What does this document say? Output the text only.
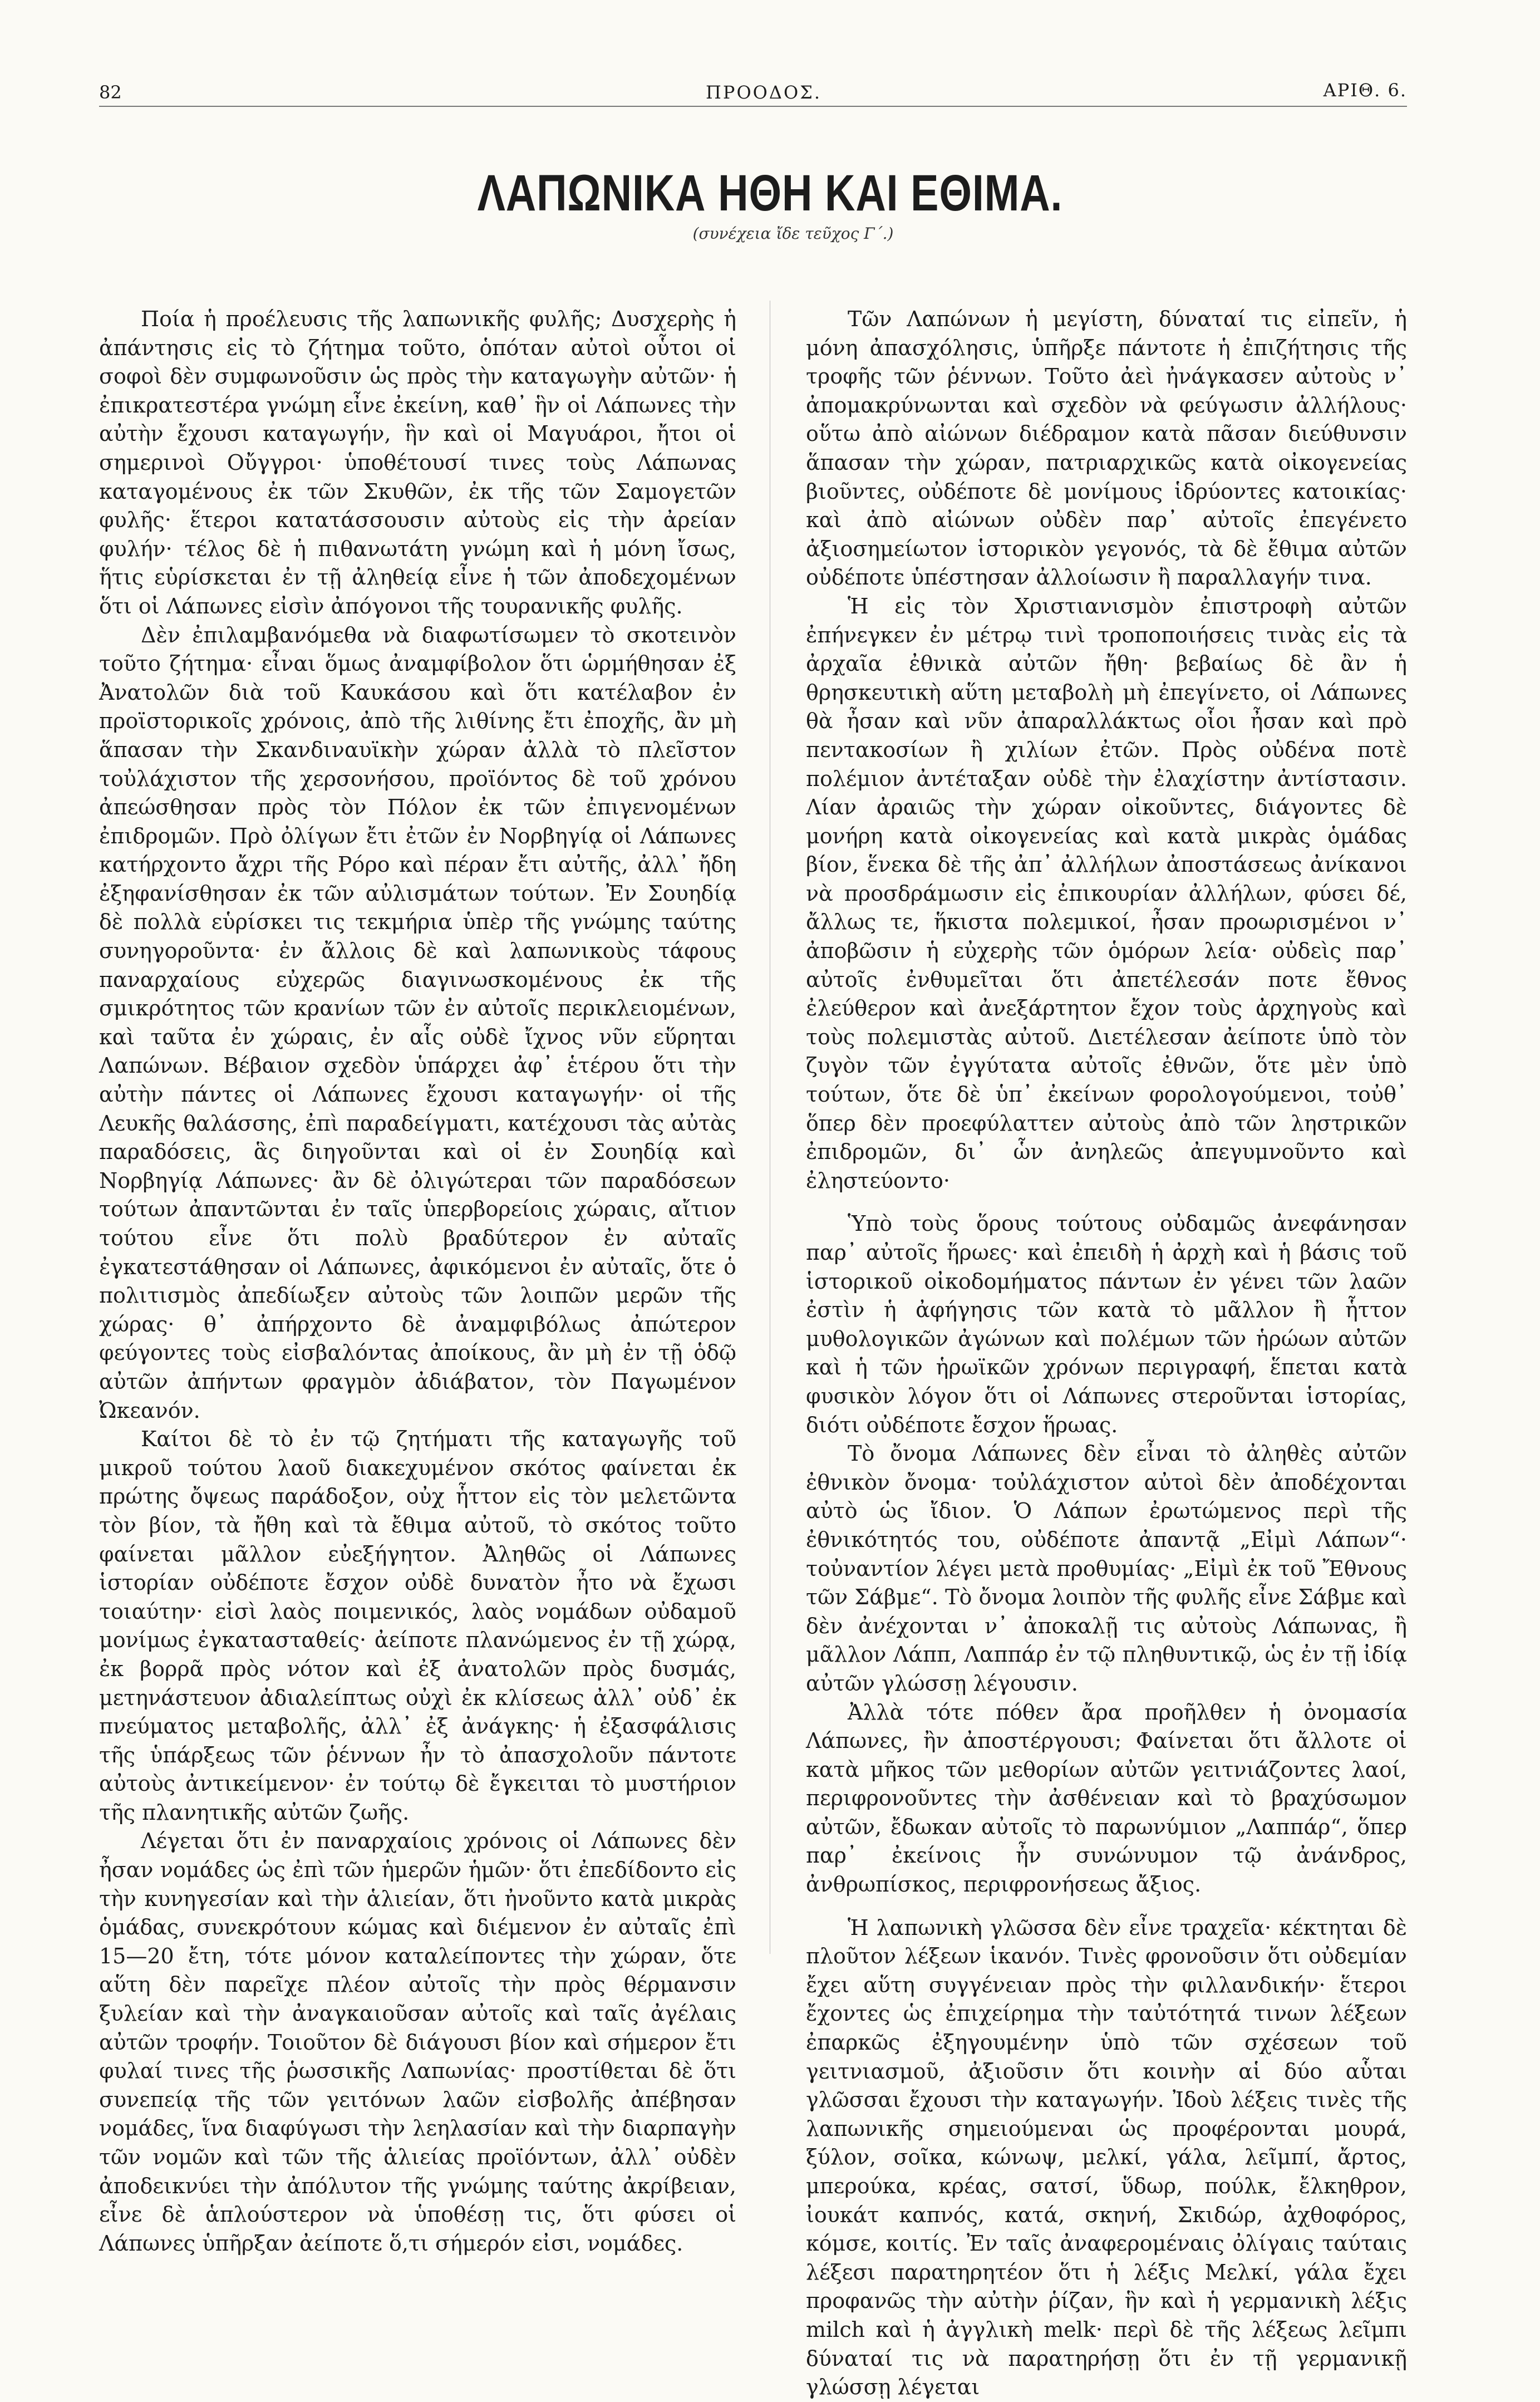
82	ΠΡΟΟΔΟΣ.	ΑΡΙΘ. 6.
ΛΑΠΩΝΙΚΑ ΗΘΗ ΚΑΙ ΕΘΙΜΑ.
(συνέχεια ἴδε τεῦχος Γ΄.)

Ποία ἡ προέλευσις τῆς λαπωνικῆς φυλῆς; Δυσχερὴς ἡ ἀπάντησις εἰς τὸ ζήτημα τοῦτο, ὁπόταν αὐτοὶ οὗτοι οἱ σοφοὶ δὲν συμφωνοῦσιν ὡς πρὸς τὴν καταγωγὴν αὐτῶν· ἡ ἐπικρατεστέρα γνώμη εἶνε ἐκείνη, καθ᾽ ἣν οἱ Λάπωνες τὴν αὐτὴν ἔχουσι καταγωγήν, ἣν καὶ οἱ Μαγυάροι, ἤτοι οἱ σημερινοὶ Οὔγγροι· ὑποθέτουσί τινες τοὺς Λάπωνας καταγομένους ἐκ τῶν Σκυθῶν, ἐκ τῆς τῶν Σαμογετῶν φυλῆς· ἕτεροι κατατάσσουσιν αὐτοὺς εἰς τὴν ἀρείαν φυλήν· τέλος δὲ ἡ πιθανωτάτη γνώμη καὶ ἡ μόνη ἴσως, ἥτις εὑρίσκεται ἐν τῇ ἀληθείᾳ εἶνε ἡ τῶν ἀποδεχομένων ὅτι οἱ Λάπωνες εἰσὶν ἀπόγονοι τῆς τουρανικῆς φυλῆς.

Δὲν ἐπιλαμβανόμεθα νὰ διαφωτίσωμεν τὸ σκοτεινὸν τοῦτο ζήτημα· εἶναι ὅμως ἀναμφίβολον ὅτι ὡρμήθησαν ἐξ Ἀνατολῶν διὰ τοῦ Καυκάσου καὶ ὅτι κατέλαβον ἐν προϊστορικοῖς χρόνοις, ἀπὸ τῆς λιθίνης ἔτι ἐποχῆς, ἂν μὴ ἅπασαν τὴν Σκανδιναυϊκὴν χώραν ἀλλὰ τὸ πλεῖστον τοὐλάχιστον τῆς χερσονήσου, προϊόντος δὲ τοῦ χρόνου ἀπεώσθησαν πρὸς τὸν Πόλον ἐκ τῶν ἐπιγενομένων ἐπιδρομῶν. Πρὸ ὀλίγων ἔτι ἐτῶν ἐν Νορβηγίᾳ οἱ Λάπωνες κατήρχοντο ἄχρι τῆς Ρόρο καὶ πέραν ἔτι αὐτῆς, ἀλλ᾽ ἤδη ἐξηφανίσθησαν ἐκ τῶν αὐλισμάτων τούτων. Ἐν Σουηδίᾳ δὲ πολλὰ εὑρίσκει τις τεκμήρια ὑπὲρ τῆς γνώμης ταύτης συνηγοροῦντα· ἐν ἄλλοις δὲ καὶ λαπωνικοὺς τάφους παναρχαίους εὐχερῶς διαγινωσκομένους ἐκ τῆς σμικρότητος τῶν κρανίων τῶν ἐν αὐτοῖς περικλειομένων, καὶ ταῦτα ἐν χώραις, ἐν αἷς οὐδὲ ἴχνος νῦν εὕρηται Λαπώνων. Βέβαιον σχεδὸν ὑπάρχει ἀφ᾽ ἑτέρου ὅτι τὴν αὐτὴν πάντες οἱ Λάπωνες ἔχουσι καταγωγήν· οἱ τῆς Λευκῆς θαλάσσης, ἐπὶ παραδείγματι, κατέχουσι τὰς αὐτὰς παραδόσεις, ἃς διηγοῦνται καὶ οἱ ἐν Σουηδίᾳ καὶ Νορβηγίᾳ Λάπωνες· ἂν δὲ ὀλιγώτεραι τῶν παραδόσεων τούτων ἀπαντῶνται ἐν ταῖς ὑπερβορείοις χώραις, αἴτιον τούτου εἶνε ὅτι πολὺ βραδύτερον ἐν αὐταῖς ἐγκατεστάθησαν οἱ Λάπωνες, ἀφικόμενοι ἐν αὐταῖς, ὅτε ὁ πολιτισμὸς ἀπεδίωξεν αὐτοὺς τῶν λοιπῶν μερῶν τῆς χώρας· θ᾽ ἀπήρχοντο δὲ ἀναμφιβόλως ἀπώτερον φεύγοντες τοὺς εἰσβαλόντας ἀποίκους, ἂν μὴ ἐν τῇ ὁδῷ αὐτῶν ἀπήντων φραγμὸν ἀδιάβατον, τὸν Παγωμένον Ὠκεανόν.

Καίτοι δὲ τὸ ἐν τῷ ζητήματι τῆς καταγωγῆς τοῦ μικροῦ τούτου λαοῦ διακεχυμένον σκότος φαίνεται ἐκ πρώτης ὄψεως παράδοξον, οὐχ ἧττον εἰς τὸν μελετῶντα τὸν βίον, τὰ ἤθη καὶ τὰ ἔθιμα αὐτοῦ, τὸ σκότος τοῦτο φαίνεται μᾶλλον εὐεξήγητον. Ἀληθῶς οἱ Λάπωνες ἱστορίαν οὐδέποτε ἔσχον οὐδὲ δυνατὸν ἦτο νὰ ἔχωσι τοιαύτην· εἰσὶ λαὸς ποιμενικός, λαὸς νομάδων οὐδαμοῦ μονίμως ἐγκατασταθείς· ἀείποτε πλανώμενος ἐν τῇ χώρᾳ, ἐκ βορρᾶ πρὸς νότον καὶ ἐξ ἀνατολῶν πρὸς δυσμάς, μετηνάστευον ἀδιαλείπτως οὐχὶ ἐκ κλίσεως ἀλλ᾽ οὐδ᾽ ἐκ πνεύματος μεταβολῆς, ἀλλ᾽ ἐξ ἀνάγκης· ἡ ἐξασφάλισις τῆς ὑπάρξεως τῶν ῥέννων ἦν τὸ ἀπασχολοῦν πάντοτε αὐτοὺς ἀντικείμενον· ἐν τούτῳ δὲ ἔγκειται τὸ μυστήριον τῆς πλανητικῆς αὐτῶν ζωῆς.

Λέγεται ὅτι ἐν παναρχαίοις χρόνοις οἱ Λάπωνες δὲν ἦσαν νομάδες ὡς ἐπὶ τῶν ἡμερῶν ἡμῶν· ὅτι ἐπεδίδοντο εἰς τὴν κυνηγεσίαν καὶ τὴν ἁλιείαν, ὅτι ἠνοῦντο κατὰ μικρὰς ὁμάδας, συνεκρότουν κώμας καὶ διέμενον ἐν αὐταῖς ἐπὶ 15—20 ἔτη, τότε μόνον καταλείποντες τὴν χώραν, ὅτε αὕτη δὲν παρεῖχε πλέον αὐτοῖς τὴν πρὸς θέρμανσιν ξυλείαν καὶ τὴν ἀναγκαιοῦσαν αὐτοῖς καὶ ταῖς ἀγέλαις αὐτῶν τροφήν. Τοιοῦτον δὲ διάγουσι βίον καὶ σήμερον ἔτι φυλαί τινες τῆς ῥωσσικῆς Λαπωνίας· προστίθεται δὲ ὅτι συνεπείᾳ τῆς τῶν γειτόνων λαῶν εἰσβολῆς ἀπέβησαν νομάδες, ἵνα διαφύγωσι τὴν λεηλασίαν καὶ τὴν διαρπαγὴν τῶν νομῶν καὶ τῶν τῆς ἁλιείας προϊόντων, ἀλλ᾽ οὐδὲν ἀποδεικνύει τὴν ἀπόλυτον τῆς γνώμης ταύτης ἀκρίβειαν, εἶνε δὲ ἁπλούστερον νὰ ὑποθέσῃ τις, ὅτι φύσει οἱ Λάπωνες ὑπῆρξαν ἀείποτε ὅ,τι σήμερόν εἰσι, νομάδες.

Τῶν Λαπώνων ἡ μεγίστη, δύναταί τις εἰπεῖν, ἡ μόνη ἀπασχόλησις, ὑπῆρξε πάντοτε ἡ ἐπιζήτησις τῆς τροφῆς τῶν ῥέννων. Τοῦτο ἀεὶ ἠνάγκασεν αὐτοὺς ν᾽ ἀπομακρύνωνται καὶ σχεδὸν νὰ φεύγωσιν ἀλλήλους· οὕτω ἀπὸ αἰώνων διέδραμον κατὰ πᾶσαν διεύθυνσιν ἅπασαν τὴν χώραν, πατριαρχικῶς κατὰ οἰκογενείας βιοῦντες, οὐδέποτε δὲ μονίμους ἱδρύοντες κατοικίας· καὶ ἀπὸ αἰώνων οὐδὲν παρ᾽ αὐτοῖς ἐπεγένετο ἀξιοσημείωτον ἱστορικὸν γεγονός, τὰ δὲ ἔθιμα αὐτῶν οὐδέποτε ὑπέστησαν ἀλλοίωσιν ἢ παραλλαγήν τινα.

Ἡ εἰς τὸν Χριστιανισμὸν ἐπιστροφὴ αὐτῶν ἐπήνεγκεν ἐν μέτρῳ τινὶ τροποποιήσεις τινὰς εἰς τὰ ἀρχαῖα ἐθνικὰ αὐτῶν ἤθη· βεβαίως δὲ ἂν ἡ θρησκευτικὴ αὕτη μεταβολὴ μὴ ἐπεγίνετο, οἱ Λάπωνες θὰ ἦσαν καὶ νῦν ἀπαραλλάκτως οἷοι ἦσαν καὶ πρὸ πεντακοσίων ἢ χιλίων ἐτῶν. Πρὸς οὐδένα ποτὲ πολέμιον ἀντέταξαν οὐδὲ τὴν ἐλαχίστην ἀντίστασιν. Λίαν ἀραιῶς τὴν χώραν οἰκοῦντες, διάγοντες δὲ μονήρη κατὰ οἰκογενείας καὶ κατὰ μικρὰς ὁμάδας βίον, ἕνεκα δὲ τῆς ἀπ᾽ ἀλλήλων ἀποστάσεως ἀνίκανοι νὰ προσδράμωσιν εἰς ἐπικουρίαν ἀλλήλων, φύσει δέ, ἄλλως τε, ἥκιστα πολεμικοί, ἦσαν προωρισμένοι ν᾽ ἀποβῶσιν ἡ εὐχερὴς τῶν ὁμόρων λεία· οὐδεὶς παρ᾽ αὐτοῖς ἐνθυμεῖται ὅτι ἀπετέλεσάν ποτε ἔθνος ἐλεύθερον καὶ ἀνεξάρτητον ἔχον τοὺς ἀρχηγοὺς καὶ τοὺς πολεμιστὰς αὐτοῦ. Διετέλεσαν ἀείποτε ὑπὸ τὸν ζυγὸν τῶν ἐγγύτατα αὐτοῖς ἐθνῶν, ὅτε μὲν ὑπὸ τούτων, ὅτε δὲ ὑπ᾽ ἐκείνων φορολογούμενοι, τοὐθ᾽ ὅπερ δὲν προεφύλαττεν αὐτοὺς ἀπὸ τῶν ληστρικῶν ἐπιδρομῶν, δι᾽ ὧν ἀνηλεῶς ἀπεγυμνοῦντο καὶ ἐληστεύοντο·

Ὑπὸ τοὺς ὅρους τούτους οὐδαμῶς ἀνεφάνησαν παρ᾽ αὐτοῖς ἥρωες· καὶ ἐπειδὴ ἡ ἀρχὴ καὶ ἡ βάσις τοῦ ἱστορικοῦ οἰκοδομήματος πάντων ἐν γένει τῶν λαῶν ἐστὶν ἡ ἀφήγησις τῶν κατὰ τὸ μᾶλλον ἢ ἧττον μυθολογικῶν ἀγώνων καὶ πολέμων τῶν ἡρώων αὐτῶν καὶ ἡ τῶν ἡρωϊκῶν χρόνων περιγραφή, ἕπεται κατὰ φυσικὸν λόγον ὅτι οἱ Λάπωνες στεροῦνται ἱστορίας, διότι οὐδέποτε ἔσχον ἥρωας.

Τὸ ὄνομα Λάπωνες δὲν εἶναι τὸ ἀληθὲς αὐτῶν ἐθνικὸν ὄνομα· τοὐλάχιστον αὐτοὶ δὲν ἀποδέχονται αὐτὸ ὡς ἴδιον. Ὁ Λάπων ἐρωτώμενος περὶ τῆς ἐθνικότητός του, οὐδέποτε ἀπαντᾷ „Εἰμὶ Λάπων“· τοὐναντίον λέγει μετὰ προθυμίας· „Εἰμὶ ἐκ τοῦ Ἔθνους τῶν Σάβμε“. Τὸ ὄνομα λοιπὸν τῆς φυλῆς εἶνε Σάβμε καὶ δὲν ἀνέχονται ν᾽ ἀποκαλῇ τις αὐτοὺς Λάπωνας, ἢ μᾶλλον Λάππ, Λαππάρ ἐν τῷ πληθυντικῷ, ὡς ἐν τῇ ἰδίᾳ αὐτῶν γλώσσῃ λέγουσιν.

Ἀλλὰ τότε πόθεν ἄρα προῆλθεν ἡ ὀνομασία Λάπωνες, ἢν ἀποστέργουσι; Φαίνεται ὅτι ἄλλοτε οἱ κατὰ μῆκος τῶν μεθορίων αὐτῶν γειτνιάζοντες λαοί, περιφρονοῦντες τὴν ἀσθένειαν καὶ τὸ βραχύσωμον αὐτῶν, ἔδωκαν αὐτοῖς τὸ παρωνύμιον „Λαππάρ“, ὅπερ παρ᾽ ἐκείνοις ἦν συνώνυμον τῷ ἀνάνδρος, ἀνθρωπίσκος, περιφρονήσεως ἄξιος.

Ἡ λαπωνικὴ γλῶσσα δὲν εἶνε τραχεῖα· κέκτηται δὲ πλοῦτον λέξεων ἱκανόν. Τινὲς φρονοῦσιν ὅτι οὐδεμίαν ἔχει αὕτη συγγένειαν πρὸς τὴν φιλλανδικήν· ἕτεροι ἔχοντες ὡς ἐπιχείρημα τὴν ταὐτότητά τινων λέξεων ἐπαρκῶς ἐξηγουμένην ὑπὸ τῶν σχέσεων τοῦ γειτνιασμοῦ, ἀξιοῦσιν ὅτι κοινὴν αἱ δύο αὗται γλῶσσαι ἔχουσι τὴν καταγωγήν. Ἰδοὺ λέξεις τινὲς τῆς λαπωνικῆς σημειούμεναι ὡς προφέρονται μουρά, ξύλον, σοῖκα, κώνωψ, μελκί, γάλα, λεῖμπί, ἄρτος, μπερούκα, κρέας, σατσί, ὕδωρ, πούλκ, ἔλκηθρον, ἰουκάτ καπνός, κατά, σκηνή, Σκιδώρ, ἀχθοφόρος, κόμσε, κοιτίς. Ἐν ταῖς ἀναφερομέναις ὀλίγαις ταύταις λέξεσι παρατηρητέον ὅτι ἡ λέξις Μελκί, γάλα ἔχει προφανῶς τὴν αὐτὴν ῥίζαν, ἣν καὶ ἡ γερμανικὴ λέξις milch καὶ ἡ ἀγγλικὴ melk· περὶ δὲ τῆς λέξεως λεῖμπι δύναταί τις νὰ παρατηρήσῃ ὅτι ἐν τῇ γερμανικῇ γλώσσῃ λέγεται
